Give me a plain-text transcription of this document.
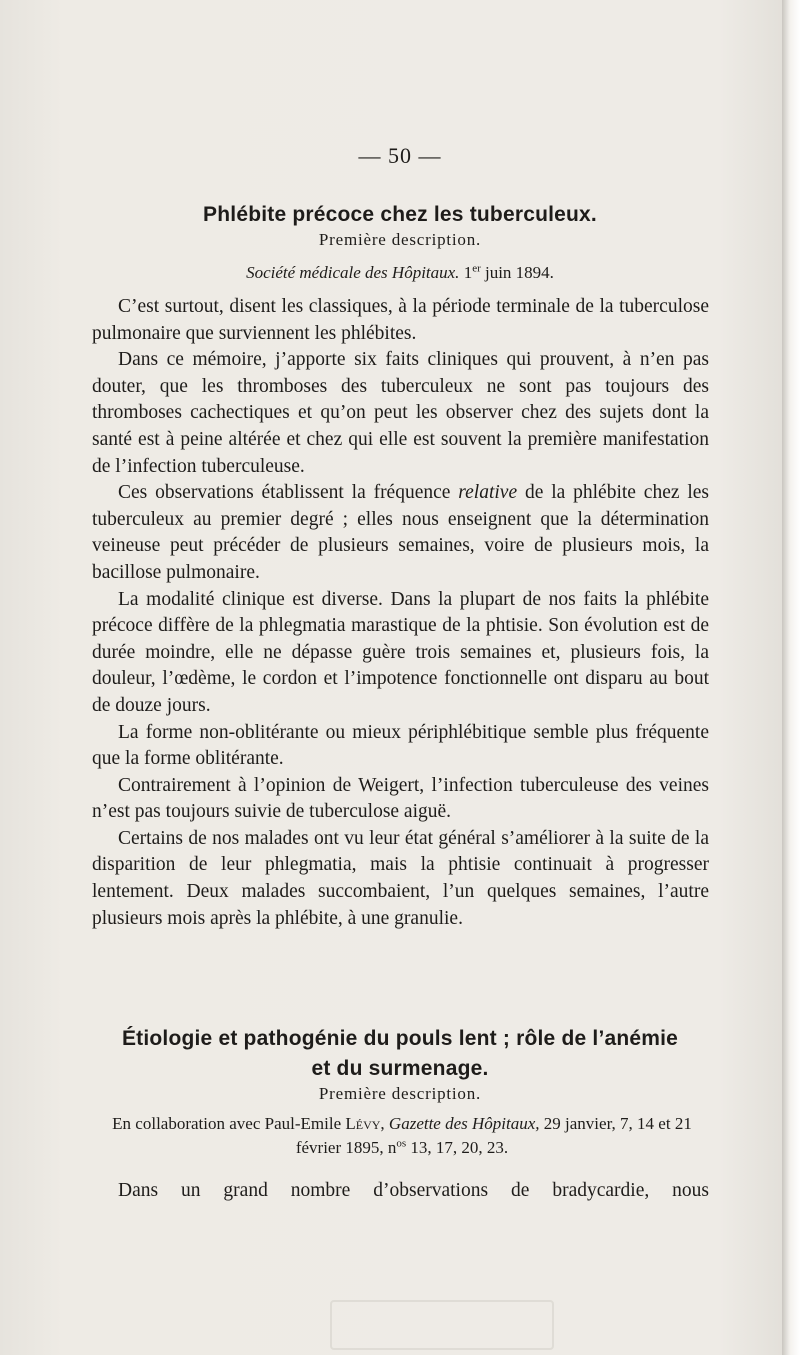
— 50 —
Phlébite précoce chez les tuberculeux.
Première description.
Société médicale des Hôpitaux. 1er juin 1894.

C’est surtout, disent les classiques, à la période terminale de la tuberculose pulmonaire que surviennent les phlébites.

Dans ce mémoire, j’apporte six faits cliniques qui prouvent, à n’en pas douter, que les thromboses des tuberculeux ne sont pas toujours des thromboses cachectiques et qu’on peut les observer chez des sujets dont la santé est à peine altérée et chez qui elle est souvent la première manifestation de l’infection tuberculeuse.

Ces observations établissent la fréquence relative de la phlébite chez les tuberculeux au premier degré ; elles nous enseignent que la détermination veineuse peut précéder de plusieurs semaines, voire de plusieurs mois, la bacillose pulmonaire.

La modalité clinique est diverse. Dans la plupart de nos faits la phlébite précoce diffère de la phlegmatia marastique de la phtisie. Son évolution est de durée moindre, elle ne dépasse guère trois semaines et, plusieurs fois, la douleur, l’œdème, le cordon et l’impotence fonctionnelle ont disparu au bout de douze jours.

La forme non-oblitérante ou mieux périphlébitique semble plus fréquente que la forme oblitérante.

Contrairement à l’opinion de Weigert, l’infection tuberculeuse des veines n’est pas toujours suivie de tuberculose aiguë.

Certains de nos malades ont vu leur état général s’améliorer à la suite de la disparition de leur phlegmatia, mais la phtisie continuait à progresser lentement. Deux malades succombaient, l’un quelques semaines, l’autre plusieurs mois après la phlébite, à une granulie.

Étiologie et pathogénie du pouls lent ; rôle de l’anémie
et du surmenage.
Première description.
En collaboration avec Paul-Emile Lévy, Gazette des Hôpitaux, 29 janvier, 7, 14 et 21 février 1895, $n^{os}$ 13, 17, 20, 23.

Dans un grand nombre d’observations de bradycardie, nous
